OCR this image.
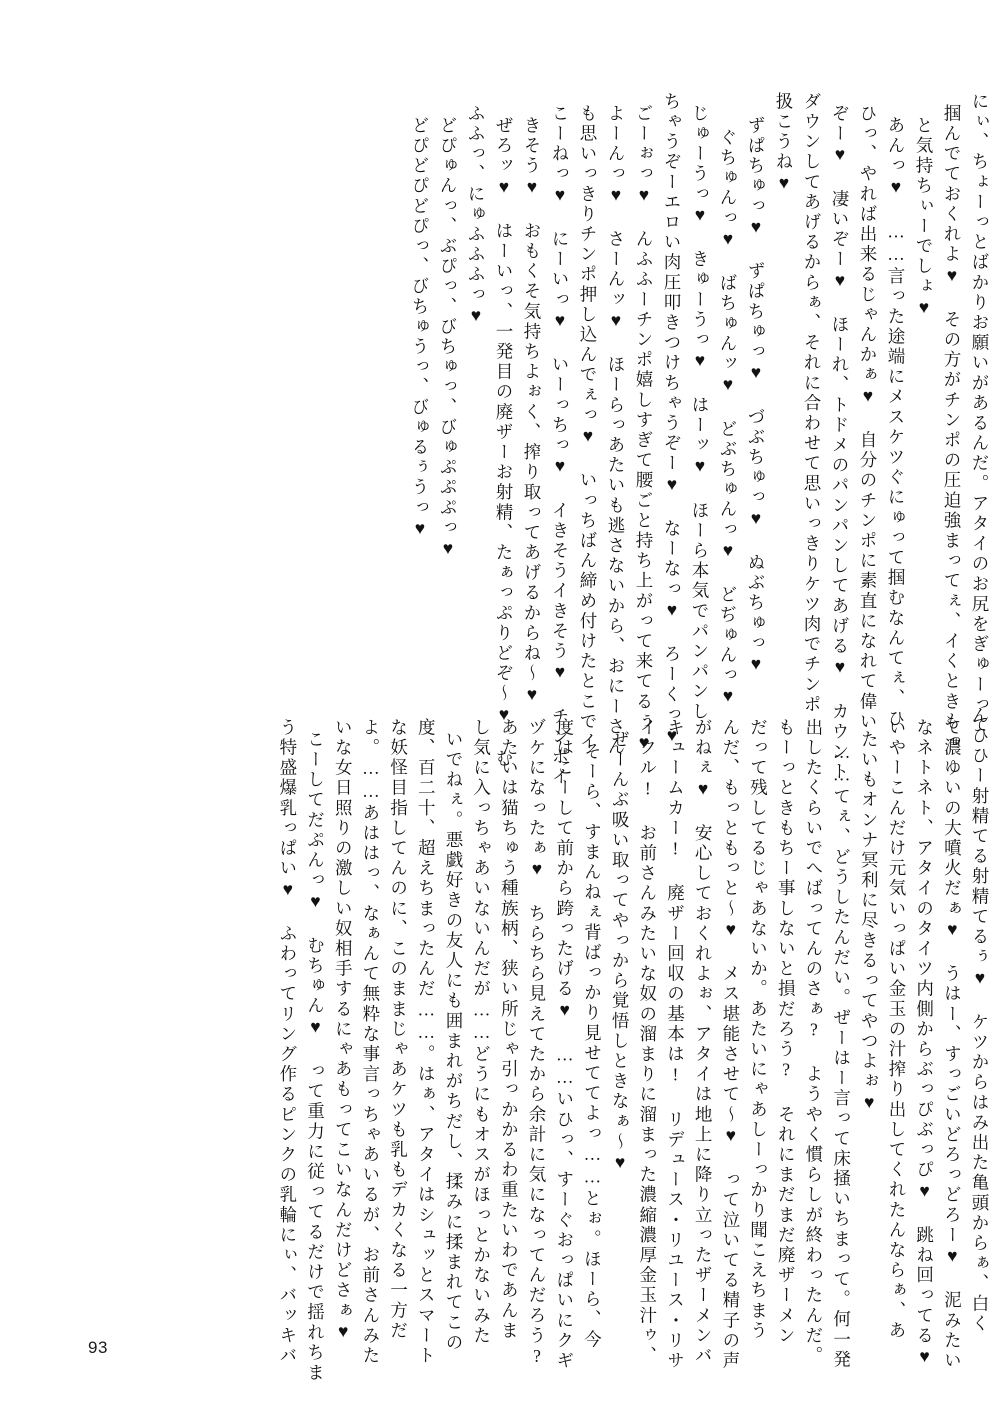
にぃ、ちょーっとばかりお願いがあるんだ。アタイのお尻をぎゅーって
掴んでておくれよ♥ その方がチンポの圧迫強まってぇ、イくときもっ
と気持ちぃーでしょ♥
あんっ♥ ……言った途端にメスケツぐにゅって掴むなんてぇ、ひ
ひっ、やれば出来るじゃんかぁ♥ 自分のチンポに素直になれて偉い
ぞー♥ 凄いぞー♥ ほーれ、トドメのパンパンしてあげる♥ カウント
ダウンしてあげるからぁ、それに合わせて思いっきりケツ肉でチンポ
扱こうね♥
ずぱちゅっ♥ ずぱちゅっ♥ づぶちゅっ♥ ぬぶちゅっ♥
ぐちゅんっ♥ ばちゅんッ♥ どぶちゅんっ♥ どぢゅんっ♥
じゅーうっ♥ きゅーうっ♥ はーッ♥ ほーら本気でパンパンし
ちゃうぞーエロい肉圧叩きつけちゃうぞー♥ なーなっ♥ ろーくっ♥
ごーぉっ♥ んふふーチンポ嬉しすぎて腰ごと持ち上がって来てるぅ♥
よーんっ♥ さーんッ♥ ほーらっあたいも逃さないから、おにーさん
も思いっきりチンポ押し込んでぇっ♥ いっちばん締め付けたとこでイ
こーねっ♥ にーいっ♥ いーっちっ♥ イきそうイきそう♥ チンポイ
きそう♥ おもくそ気持ちよぉく、搾り取ってあげるからね〜♥
ぜろッ♥ はーいっ、一発目の廃ザーお射精、たぁっぷりどぞ〜♥ む
ふふっ、にゅふふふっ♥
どぴゅんっ、ぶぴっ、びちゅっ、びゅぷぷぷっ♥
どぴどぴどぴっ、びちゅうっ、びゅるぅうっ♥
んひひー射精てる射精てるぅ♥ ケツからはみ出た亀頭からぁ、白く
て濃ゆいの大噴火だぁ♥ うはー、すっごいどろっどろー♥ 泥みたい
なネトネト、アタイのタイツ内側からぶっぴぶっぴ♥ 跳ね回ってる♥
いやーこんだけ元気いっぱい金玉の汁搾り出してくれたんならぁ、あ
たいもオンナ冥利に尽きるってやつよぉ♥
……てぇ、どうしたんだい。ぜーはー言って床掻いちまって。何一発
出したくらいでへばってんのさぁ? ようやく慣らしが終わったんだ。
もーっときもちー事しないと損だろう? それにまだまだ廃ザーメン
だって残してるじゃあないか。あたいにゃあしーっかり聞こえちまう
んだ、もっともっと〜♥ メス堪能させて〜♥ って泣いてる精子の声
がねぇ♥ 安心しておくれよぉ、アタイは地上に降り立ったザーメンバ
キュームカー! 廃ザー回収の基本は! リデュース・リユース・リサ
イクル! お前さんみたいな奴の溜まりに溜まった濃縮濃厚金玉汁ゥ、
ぜーんぶ吸い取ってやっから覚悟しときなぁ〜♥
そーら、すまんねぇ背ばっかり見せててよっ……とぉ。ほーら、今
度はこーして前から跨ったげる♥ ……いひっ、すーぐおっぱいにクギ
ヅケになったぁ♥ ちらちら見えてたから余計に気になってんだろう?
あたいは猫ちゅう種族柄、狭い所じゃ引っかかるわ重たいわであんま
し気に入っちゃあいないんだが……どうにもオスがほっとかないみた
いでねぇ。悪戯好きの友人にも囲まれがちだし、揉みに揉まれてこの
度、百二十、超えちまったんだ……。はぁ、アタイはシュッとスマート
な妖怪目指してんのに、このままじゃあケツも乳もデカくなる一方だ
よ。……あははっ、なぁんて無粋な事言っちゃあいるが、お前さんみた
いな女日照りの激しい奴相手するにゃあもってこいなんだけどさぁ♥
こーしてだぷんっ♥ むちゅん♥ って重力に従ってるだけで揺れちま
う特盛爆乳っぱい♥ ふわってリング作るピンクの乳輪にぃ、バッキバ
93
